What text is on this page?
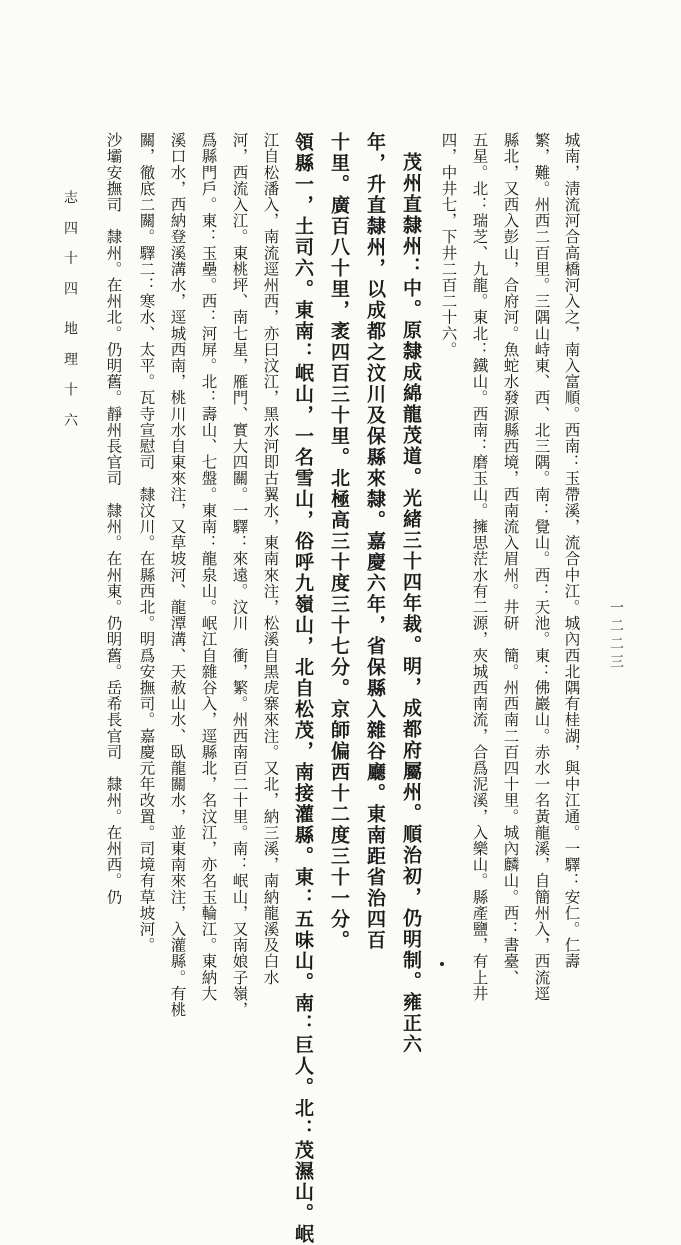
城南，淸流河合高橋河入之，南入富順。西南：玉帶溪，流合中江。城內西北隅有桂湖，與中江通。一驛：安仁。仁壽
繁，難。州西二百里。三隅山峙東、西、北三隅。南：覺山。西：天池。東：佛巖山。赤水一名黃龍溪，自簡州入，西流逕
縣北，又西入彭山，合府河。魚蛇水發源縣西境，西南流入眉州。井研　簡。州西南二百四十里。城內麟山。西：書臺、
五星。北：瑞芝、九龍。東北：鐵山。西南：磨玉山。擁思茫水有二源，夾城西南流，合爲泥溪，入樂山。縣產鹽，有上井
四，中井七，下井二百二十六。
茂州直隸州：中。原隸成綿龍茂道。光緒三十四年裁。明，成都府屬州。順治初，仍明制。雍正六
年，升直隸州，以成都之汶川及保縣來隸。嘉慶六年，省保縣入雜谷廳。東南距省治四百
十里。廣百八十里，袤四百三十里。北極高三十度三十七分。京師偏西十二度三十一分。
領縣一，土司六。東南：岷山，一名雪山，俗呼九嶺山，北自松茂，南接灌縣。東：五味山。南：巨人。北：茂濕山。岷
江自松潘入，南流逕州西，亦曰汶江，黑水河即古翼水，東南來注，松溪自黑虎寨來注。又北，納三溪，南納龍溪及白水
河，西流入江。東桃坪、南七星，雁門、實大四關。一驛：來遠。汶川　衝，繁。州西南百二十里。南：岷山，又南娘子嶺，
爲縣門戶。東：玉壘。西：河屏。北：壽山、七盤。東南：龍泉山。岷江自雜谷入，逕縣北，名汶江，亦名玉輪江。東納大
溪口水，西納登溪溝水，逕城西南，桃川水自東來注，又草坡河、龍潭溝、天赦山水、臥龍關水，並東南來注，入灌縣。有桃
關，徹底二關。驛二：寒水、太平。瓦寺宣慰司　隸汶川。在縣西北。明爲安撫司。嘉慶元年改置。司境有草坡河。
沙壩安撫司　隸州。在州北。仍明舊。靜州長官司　隸州。在州東。仍明舊。岳希長官司　隸州。在州西。仍
志 四 十 四　地 理 十 六
一二二三
